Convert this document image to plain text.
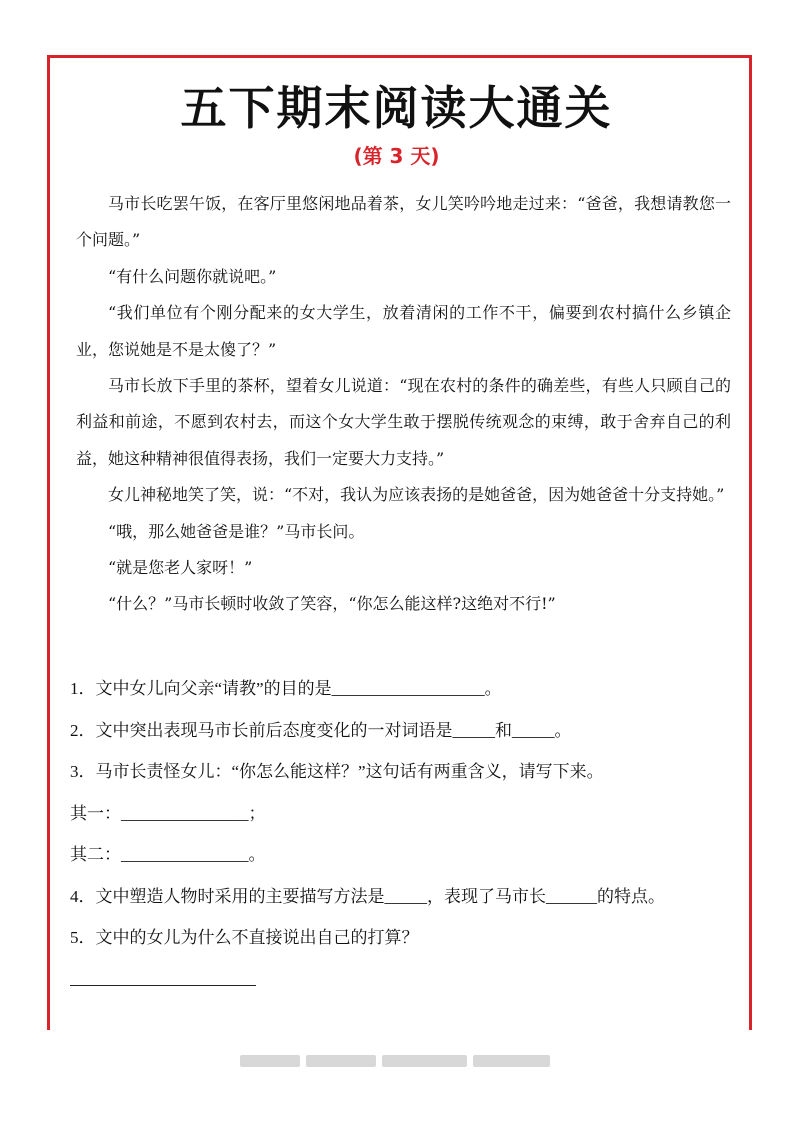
五下期末阅读大通关
(第 3 天)

马市长吃罢午饭，在客厅里悠闲地品着茶，女儿笑吟吟地走过来：“爸爸，我想请教您一个问题。”

“有什么问题你就说吧。”

“我们单位有个刚分配来的女大学生，放着清闲的工作不干，偏要到农村搞什么乡镇企业，您说她是不是太傻了？”

马市长放下手里的茶杯，望着女儿说道：“现在农村的条件的确差些，有些人只顾自己的利益和前途，不愿到农村去，而这个女大学生敢于摆脱传统观念的束缚，敢于舍弃自己的利益，她这种精神很值得表扬，我们一定要大力支持。”

女儿神秘地笑了笑，说：“不对，我认为应该表扬的是她爸爸，因为她爸爸十分支持她。”

“哦，那么她爸爸是谁？”马市长问。

“就是您老人家呀！”

“什么？”马市长顿时收敛了笑容，“你怎么能这样?这绝对不行!”

1．文中女儿向父亲“请教”的目的是__________________。
2．文中突出表现马市长前后态度变化的一对词语是_____和_____。
3．马市长责怪女儿：“你怎么能这样？”这句话有两重含义，请写下来。
其一：_______________；
其二：_______________。
4．文中塑造人物时采用的主要描写方法是_____，表现了马市长______的特点。
5．文中的女儿为什么不直接说出自己的打算？
